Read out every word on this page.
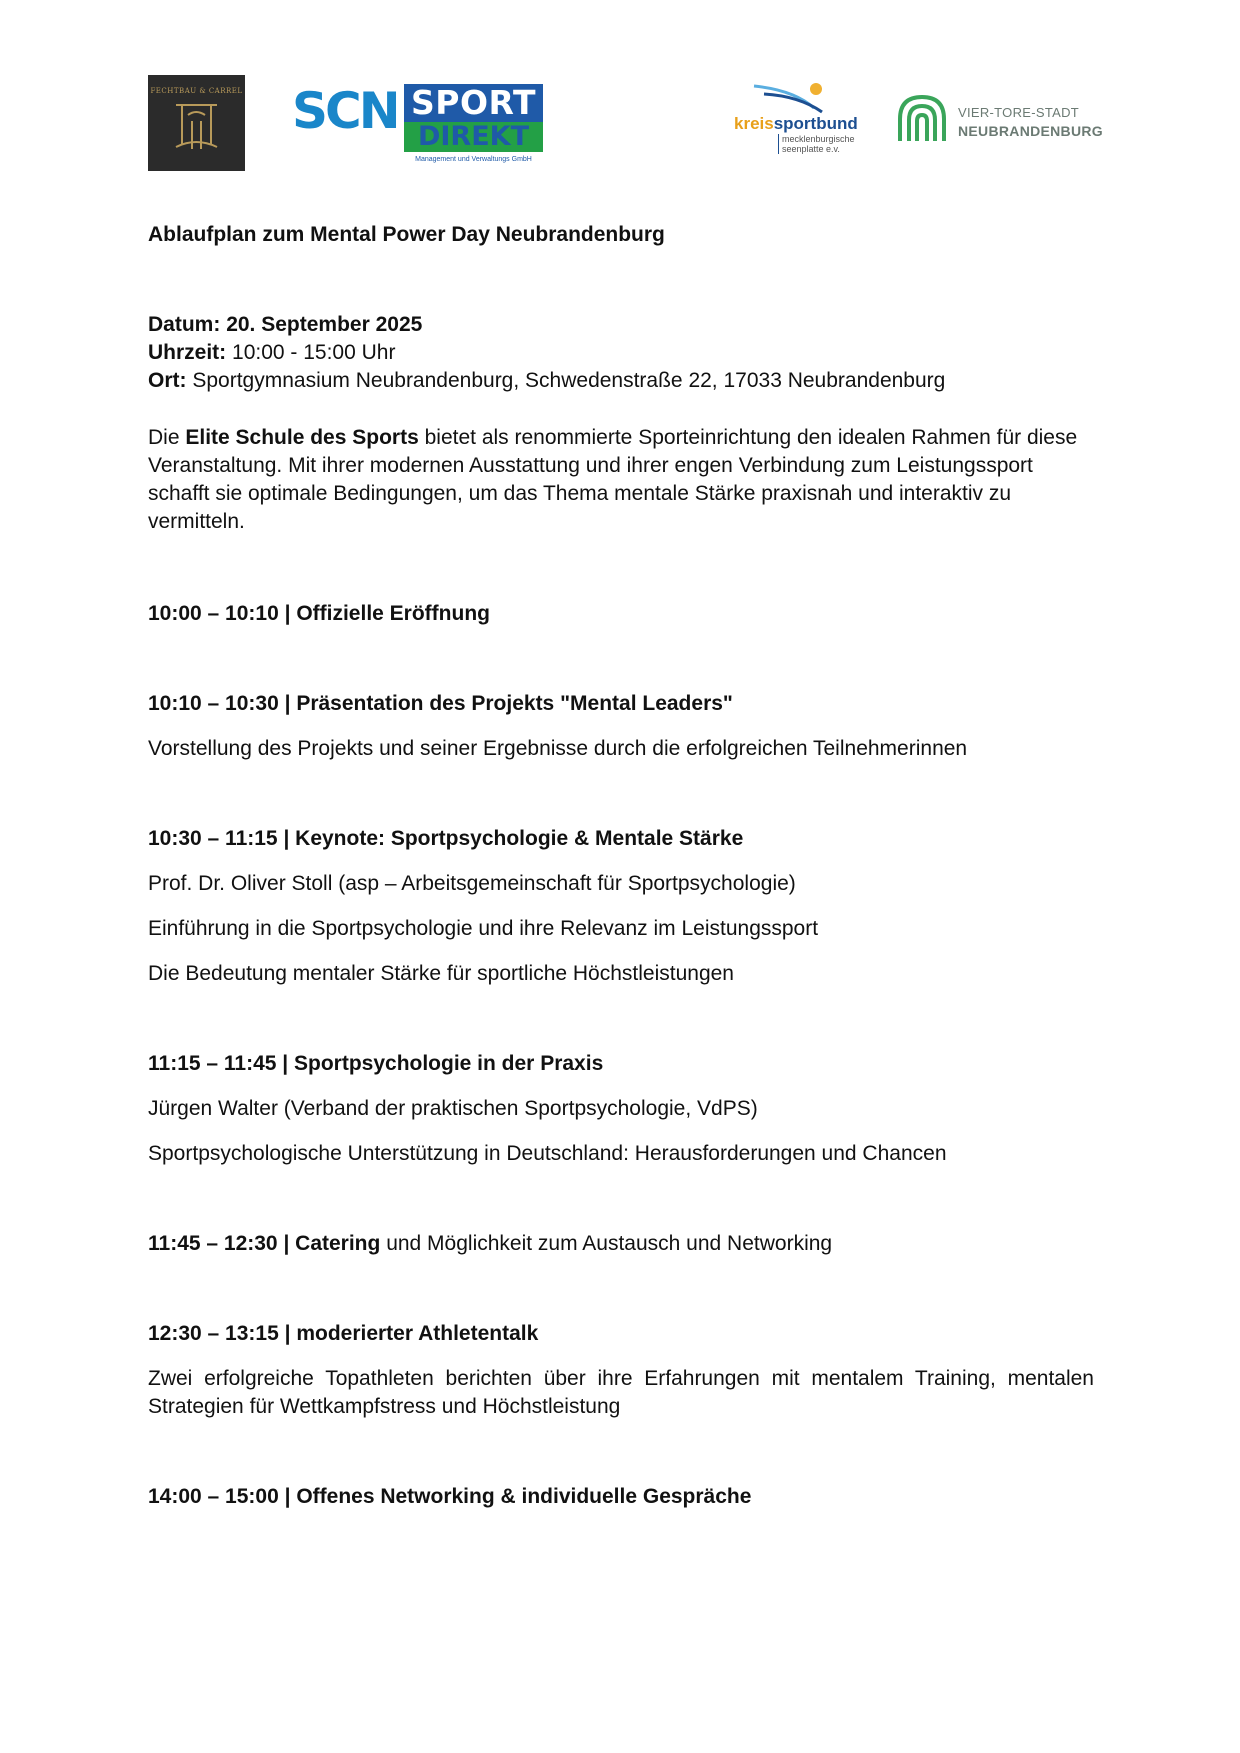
FECHTBAU & CARREL SCN SPORT
DIREKT
Management und Verwaltungs GmbH
kreissportbund
mecklenburgische
seenplatte e.v.
VIER-TORE-STADT
NEUBRANDENBURG
Ablaufplan zum Mental Power Day Neubrandenburg
Datum: 20. September 2025
Uhrzeit: 10:00 - 15:00 Uhr
Ort: Sportgymnasium Neubrandenburg, Schwedenstraße 22, 17033 Neubrandenburg
Die Elite Schule des Sports bietet als renommierte Sporteinrichtung den idealen Rahmen für diese Veranstaltung. Mit ihrer modernen Ausstattung und ihrer engen Verbindung zum Leistungssport schafft sie optimale Bedingungen, um das Thema mentale Stärke praxisnah und interaktiv zu vermitteln.
10:00 – 10:10 | Offizielle Eröffnung
10:10 – 10:30 | Präsentation des Projekts "Mental Leaders"
Vorstellung des Projekts und seiner Ergebnisse durch die erfolgreichen Teilnehmerinnen
10:30 – 11:15 | Keynote: Sportpsychologie & Mentale Stärke
Prof. Dr. Oliver Stoll (asp – Arbeitsgemeinschaft für Sportpsychologie)
Einführung in die Sportpsychologie und ihre Relevanz im Leistungssport
Die Bedeutung mentaler Stärke für sportliche Höchstleistungen
11:15 – 11:45 | Sportpsychologie in der Praxis
Jürgen Walter (Verband der praktischen Sportpsychologie, VdPS)
Sportpsychologische Unterstützung in Deutschland: Herausforderungen und Chancen
11:45 – 12:30 | Catering und Möglichkeit zum Austausch und Networking
12:30 – 13:15 | moderierter Athletentalk
Zwei erfolgreiche Topathleten berichten über ihre Erfahrungen mit mentalem Training, mentalen Strategien für Wettkampfstress und Höchstleistung
14:00 – 15:00 | Offenes Networking & individuelle Gespräche
